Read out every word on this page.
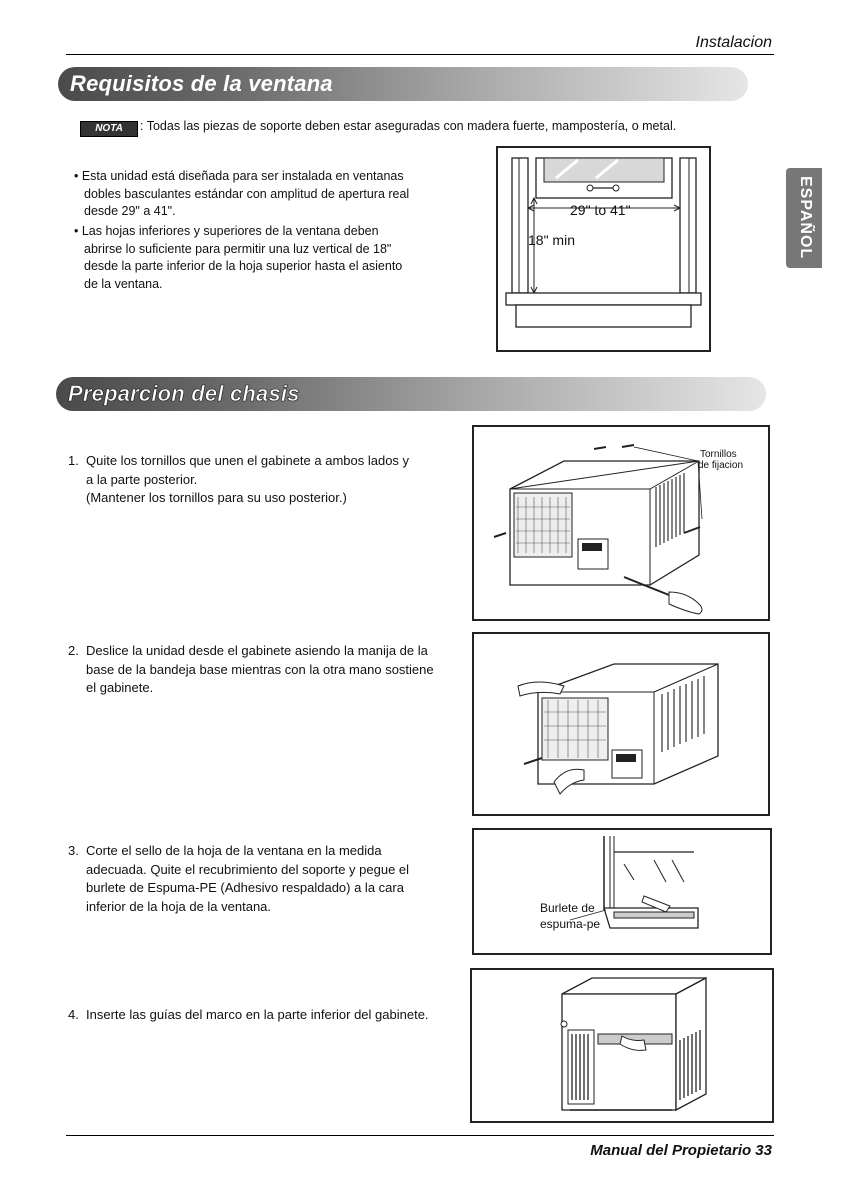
Instalacion
ESPAÑOL
Requisitos de la ventana
NOTA	: Todas las piezas de soporte deben estar aseguradas con madera fuerte, mampostería, o metal.
• Esta unidad está diseñada para ser instalada en ventanas
dobles basculantes estándar con amplitud de apertura real
desde 29" a 41".
• Las hojas inferiores y superiores de la ventana deben
abrirse lo suficiente para permitir una luz vertical de 18"
desde la parte inferior de la hoja superior hasta el asiento
de la ventana.
29" to 41"
18" min
Preparcion del chasis
1. Quite los tornillos que unen el gabinete a ambos lados y
a la parte posterior.
(Mantener los tornillos para su uso posterior.)
Tornillos
de fijacion
2. Deslice la unidad desde el gabinete asiendo la manija de la
base de la bandeja base mientras con la otra mano sostiene
el gabinete.
3. Corte el sello de la hoja de la ventana en la medida
adecuada. Quite el recubrimiento del soporte y pegue el
burlete de Espuma-PE (Adhesivo respaldado) a la cara
inferior de la hoja de la ventana.	Burlete de
espuma-pe
4. Inserte las guías del marco en la parte inferior del gabinete.
Manual del Propietario 33
